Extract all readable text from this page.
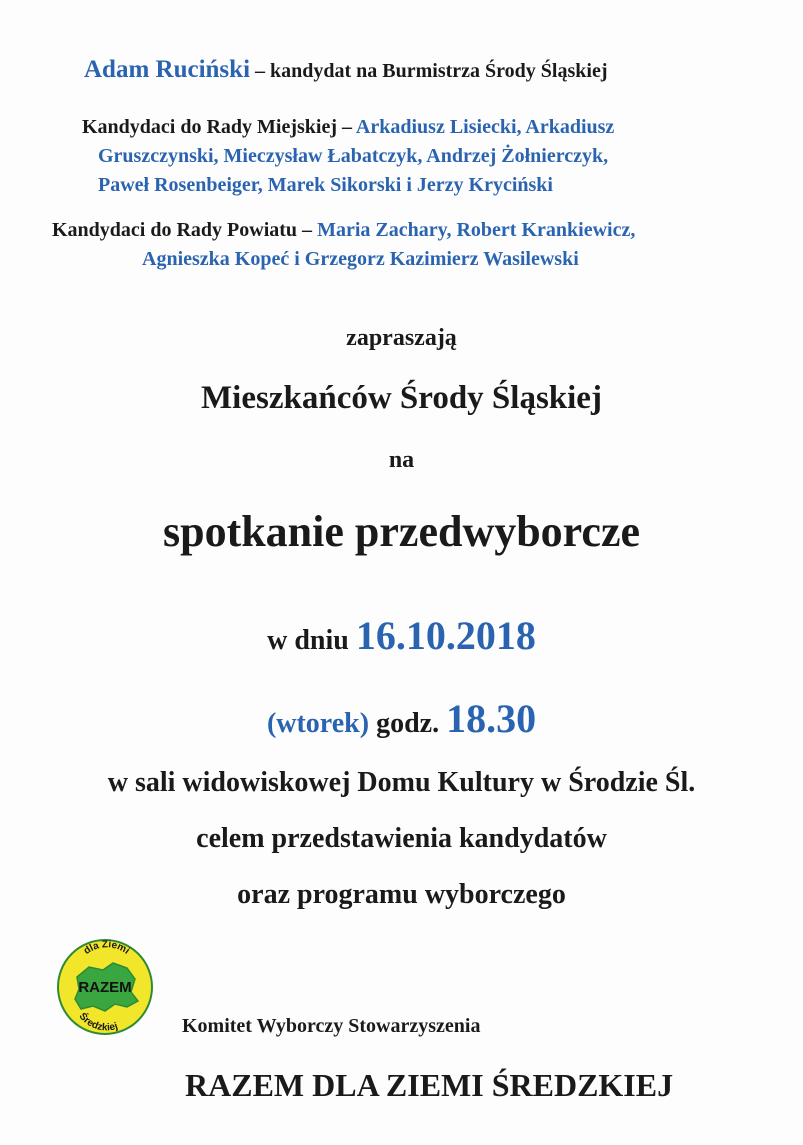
Adam Ruciński – kandydat na Burmistrza Środy Śląskiej
Kandydaci do Rady Miejskiej – Arkadiusz Lisiecki, Arkadiusz
Gruszczynski, Mieczysław Łabatczyk, Andrzej Żołnierczyk,
Paweł Rosenbeiger, Marek Sikorski i Jerzy Kryciński
Kandydaci do Rady Powiatu – Maria Zachary, Robert Krankiewicz,
Agnieszka Kopeć i Grzegorz Kazimierz Wasilewski
zapraszają
Mieszkańców Środy Śląskiej
na
spotkanie przedwyborcze
w dniu 16.10.2018
(wtorek) godz. 18.30
w sali widowiskowej Domu Kultury w Środzie Śl.
celem przedstawienia kandydatów
oraz programu wyborczego
dla Ziemi
RAZEM
Średzkiej	Komitet Wyborczy Stowarzyszenia
RAZEM DLA ZIEMI ŚREDZKIEJ
